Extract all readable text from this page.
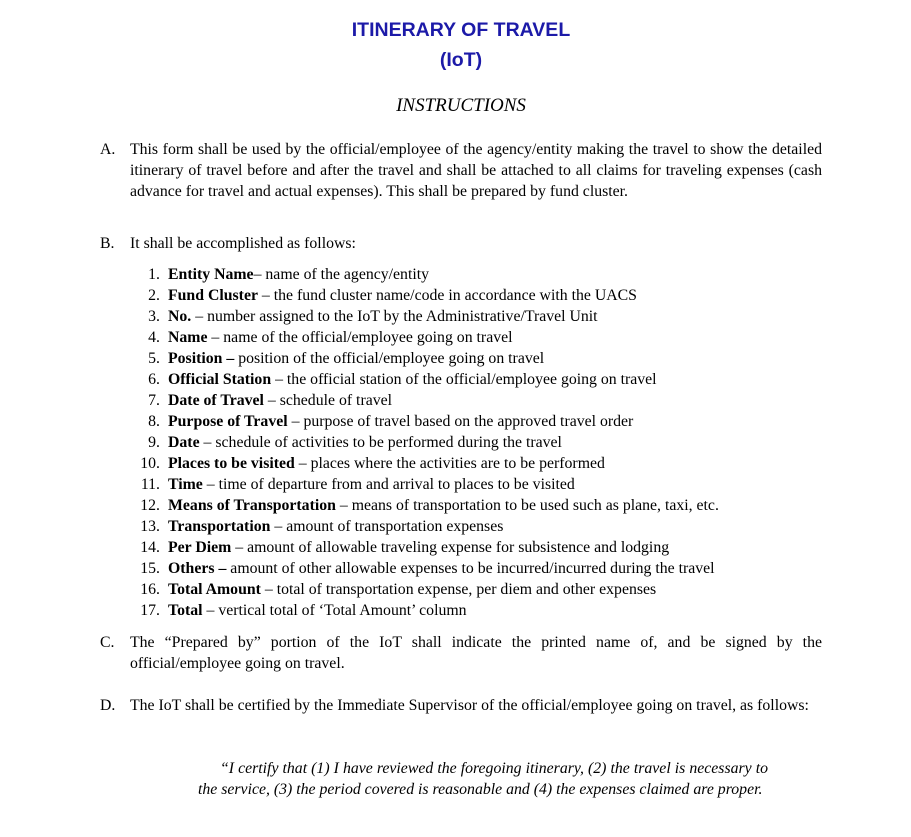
ITINERARY OF TRAVEL
(IoT)
INSTRUCTIONS
A. This form shall be used by the official/employee of the agency/entity making the travel to show the detailed itinerary of travel before and after the travel and shall be attached to all claims for traveling expenses (cash advance for travel and actual expenses). This shall be prepared by fund cluster.
B. It shall be accomplished as follows:
1. Entity Name– name of the agency/entity
2. Fund Cluster – the fund cluster name/code in accordance with the UACS
3. No. – number assigned to the IoT by the Administrative/Travel Unit
4. Name – name of the official/employee going on travel
5. Position – position of the official/employee going on travel
6. Official Station – the official station of the official/employee going on travel
7. Date of Travel – schedule of travel
8. Purpose of Travel – purpose of travel based on the approved travel order
9. Date – schedule of activities to be performed during the travel
10. Places to be visited – places where the activities are to be performed
11. Time – time of departure from and arrival to places to be visited
12. Means of Transportation – means of transportation to be used such as plane, taxi, etc.
13. Transportation – amount of transportation expenses
14. Per Diem – amount of allowable traveling expense for subsistence and lodging
15. Others – amount of other allowable expenses to be incurred/incurred during the travel
16. Total Amount – total of transportation expense, per diem and other expenses
17. Total – vertical total of ‘Total Amount’ column
C. The “Prepared by” portion of the IoT shall indicate the printed name of, and be signed by the official/employee going on travel.
D. The IoT shall be certified by the Immediate Supervisor of the official/employee going on travel, as follows:
“I certify that (1) I have reviewed the foregoing itinerary, (2) the travel is necessary to the service, (3) the period covered is reasonable and (4) the expenses claimed are proper.
